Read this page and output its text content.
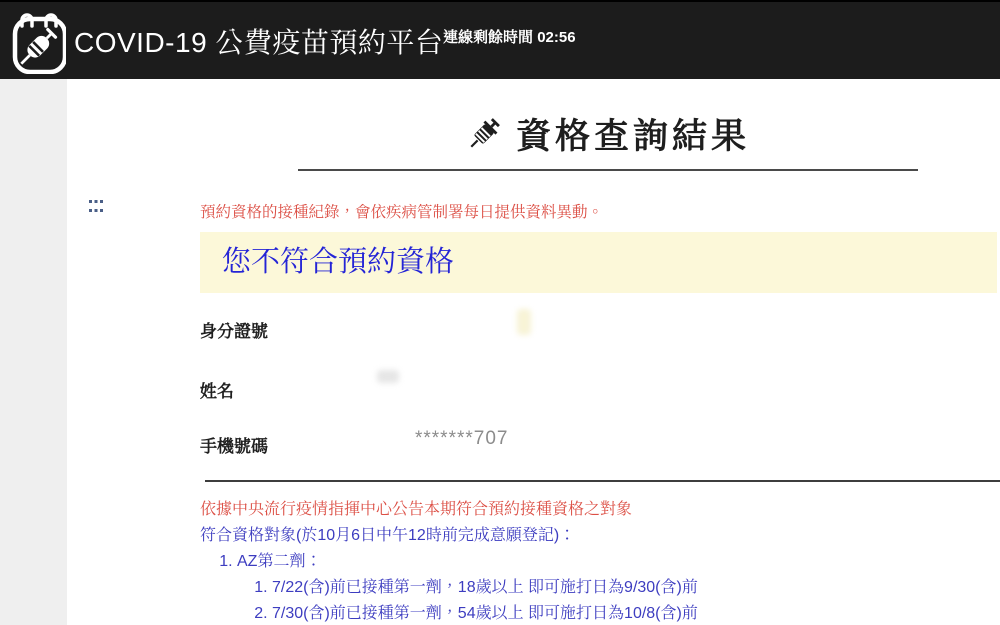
COVID-19 公費疫苗預約平台 連線剩餘時間 02:56
資格查詢結果
預約資格的接種紀錄，會依疾病管制署每日提供資料異動。
您不符合預約資格
身分證號
姓名
手機號碼	*******707
依據中央流行疫情指揮中心公告本期符合預約接種資格之對象
符合資格對象(於10月6日中午12時前完成意願登記)：
1. AZ第二劑：
1. 7/22(含)前已接種第一劑，18歲以上 即可施打日為9/30(含)前
2. 7/30(含)前已接種第一劑，54歲以上 即可施打日為10/8(含)前
